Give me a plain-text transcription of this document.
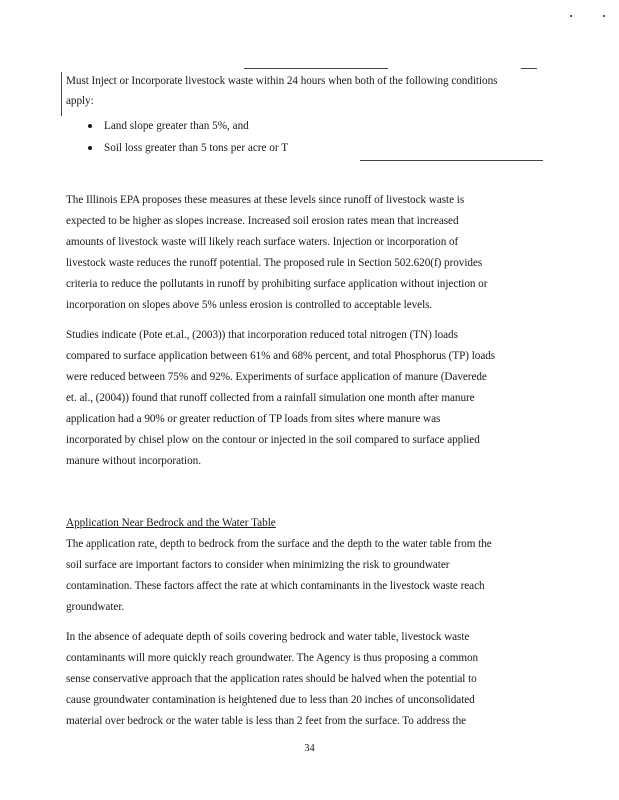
Must Inject or Incorporate livestock waste within 24 hours when both of the following conditions
apply:
Land slope greater than 5%, and
Soil loss greater than 5 tons per acre or T
The Illinois EPA proposes these measures at these levels since runoff of livestock waste is
expected to be higher as slopes increase. Increased soil erosion rates mean that increased
amounts of livestock waste will likely reach surface waters. Injection or incorporation of
livestock waste reduces the runoff potential. The proposed rule in Section 502.620(f) provides
criteria to reduce the pollutants in runoff by prohibiting surface application without injection or
incorporation on slopes above 5% unless erosion is controlled to acceptable levels.
Studies indicate (Pote et.al., (2003)) that incorporation reduced total nitrogen (TN) loads
compared to surface application between 61% and 68% percent, and total Phosphorus (TP) loads
were reduced between 75% and 92%. Experiments of surface application of manure (Daverede
et. al., (2004)) found that runoff collected from a rainfall simulation one month after manure
application had a 90% or greater reduction of TP loads from sites where manure was
incorporated by chisel plow on the contour or injected in the soil compared to surface applied
manure without incorporation.
Application Near Bedrock and the Water Table
The application rate, depth to bedrock from the surface and the depth to the water table from the
soil surface are important factors to consider when minimizing the risk to groundwater
contamination. These factors affect the rate at which contaminants in the livestock waste reach
groundwater.
In the absence of adequate depth of soils covering bedrock and water table, livestock waste
contaminants will more quickly reach groundwater. The Agency is thus proposing a common
sense conservative approach that the application rates should be halved when the potential to
cause groundwater contamination is heightened due to less than 20 inches of unconsolidated
material over bedrock or the water table is less than 2 feet from the surface. To address the
34
